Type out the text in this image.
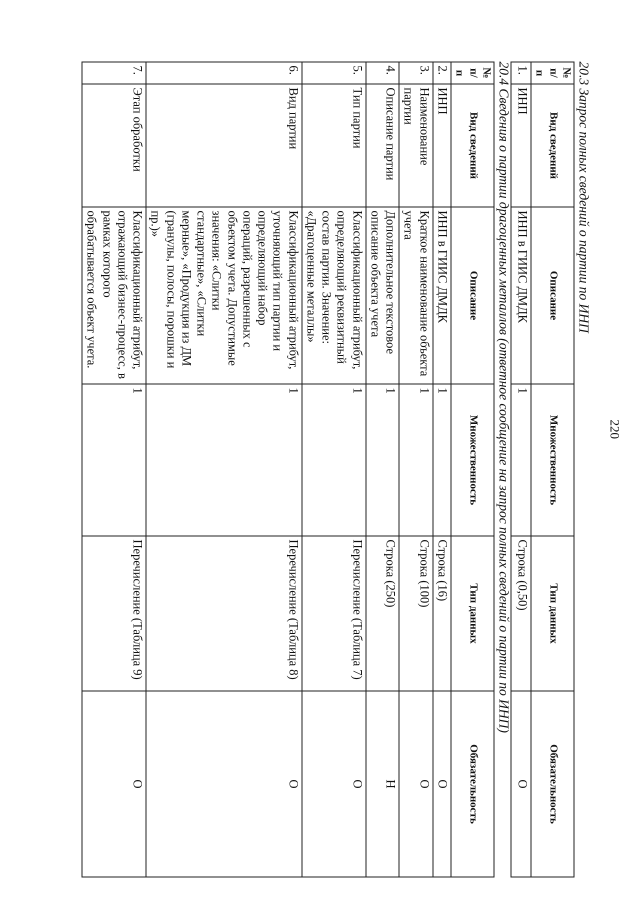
220
20.3 Запрос полных сведений о партии по ИНП
№ п/п	Вид сведений	Описание	Множественность	Тип данных	Обязательность
1.	ИНП	ИНП в ГИИС ДМДК	1	Строка (0,50)	О
20.4 Сведения о партии драгоценных металлов (ответное сообщение на запрос полных сведений о партии по ИНП)
№ п/п	Вид сведений	Описание	Множественность	Тип данных	Обязательность
2.	ИНП	ИНП в ГИИС ДМДК	1	Строка (16)	О
3.	Наименование партии	Краткое наименование объекта учета	1	Строка (100)	О
4.	Описание партии	Дополнительное текстовое описание объекта учета	1	Строка (250)	Н
5.	Тип партии	Классификационный атрибут, определяющий реквизитный состав партии. Значение: «Драгоценные металлы»	1	Перечисление (Таблица 7)	О
6.	Вид партии	Классификационный атрибут, уточняющий тип партии и определяющий набор операций, разрешенных с объектом учета. Допустимые значения: «Слитки стандартные», «Слитки мерные», «Продукция из ДМ (гранулы, полосы, порошки и пр.)»	1	Перечисление (Таблица 8)	О
7.	Этап обработки	Классификационный атрибут, отражающий бизнес-процесс, в рамках которого обрабатывается объект учета.	1	Перечисление (Таблица 9)	О
